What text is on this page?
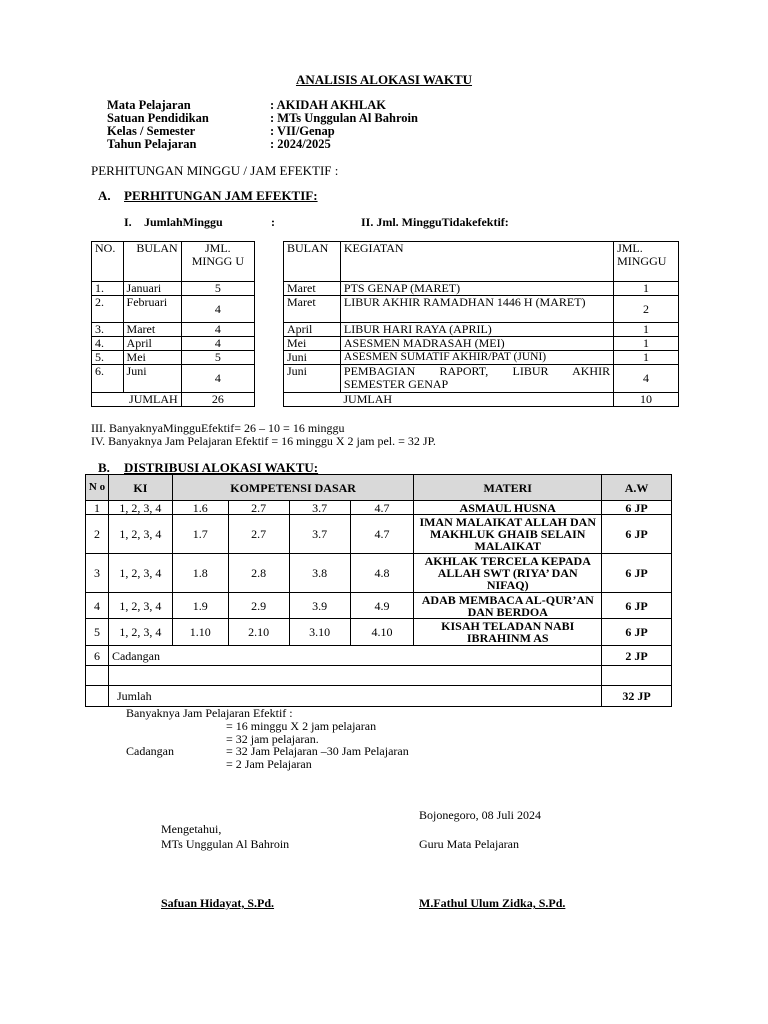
ANALISIS ALOKASI WAKTU
Mata Pelajaran	: AKIDAH AKHLAK
Satuan Pendidikan	: MTs Unggulan Al Bahroin
Kelas / Semester	: VII/Genap
Tahun Pelajaran	: 2024/2025
PERHITUNGAN MINGGU / JAM EFEKTIF :
A. PERHITUNGAN JAM EFEKTIF:
I. JumlahMinggu	:	II. Jml. MingguTidakefektif:
NO.	BULAN	JML. MINGG U
1.	Januari	5
2.	Februari	4
3.	Maret	4
4.	April	4
5.	Mei	5
6.	Juni	4
	JUMLAH	26
BULAN	KEGIATAN	JML. MINGGU
Maret	PTS GENAP (MARET)	1
Maret	LIBUR AKHIR RAMADHAN 1446 H (MARET)	2
April	LIBUR HARI RAYA (APRIL)	1
Mei	ASESMEN MADRASAH (MEI)	1
Juni	ASESMEN SUMATIF AKHIR/PAT (JUNI)	1
Juni	PEMBAGIAN RAPORT, LIBUR AKHIR SEMESTER GENAP	4
	JUMLAH	10
III. BanyaknyaMingguEfektif= 26 – 10 = 16 minggu
IV. Banyaknya Jam Pelajaran Efektif = 16 minggu X 2 jam pel. = 32 JP.
B. DISTRIBUSI ALOKASI WAKTU:
N o	KI	KOMPETENSI DASAR				MATERI	A.W
1	1, 2, 3, 4	1.6	2.7	3.7	4.7	ASMAUL HUSNA	6 JP
2	1, 2, 3, 4	1.7	2.7	3.7	4.7	IMAN MALAIKAT ALLAH DAN MAKHLUK GHAIB SELAIN MALAIKAT	6 JP
3	1, 2, 3, 4	1.8	2.8	3.8	4.8	AKHLAK TERCELA KEPADA ALLAH SWT (RIYA’ DAN NIFAQ)	6 JP
4	1, 2, 3, 4	1.9	2.9	3.9	4.9	ADAB MEMBACA AL-QUR’AN DAN BERDOA	6 JP
5	1, 2, 3, 4	1.10	2.10	3.10	4.10	KISAH TELADAN NABI IBRAHINM AS	6 JP
6	Cadangan						2 JP

	Jumlah						32 JP
Banyaknya Jam Pelajaran Efektif :
= 16 minggu X 2 jam pelajaran
= 32 jam pelajaran.
Cadangan	= 32 Jam Pelajaran –30 Jam Pelajaran
= 2 Jam Pelajaran
Bojonegoro, 08 Juli 2024
Mengetahui,
MTs Unggulan Al Bahroin	Guru Mata Pelajaran
Safuan Hidayat, S.Pd.	M.Fathul Ulum Zidka, S.Pd.
